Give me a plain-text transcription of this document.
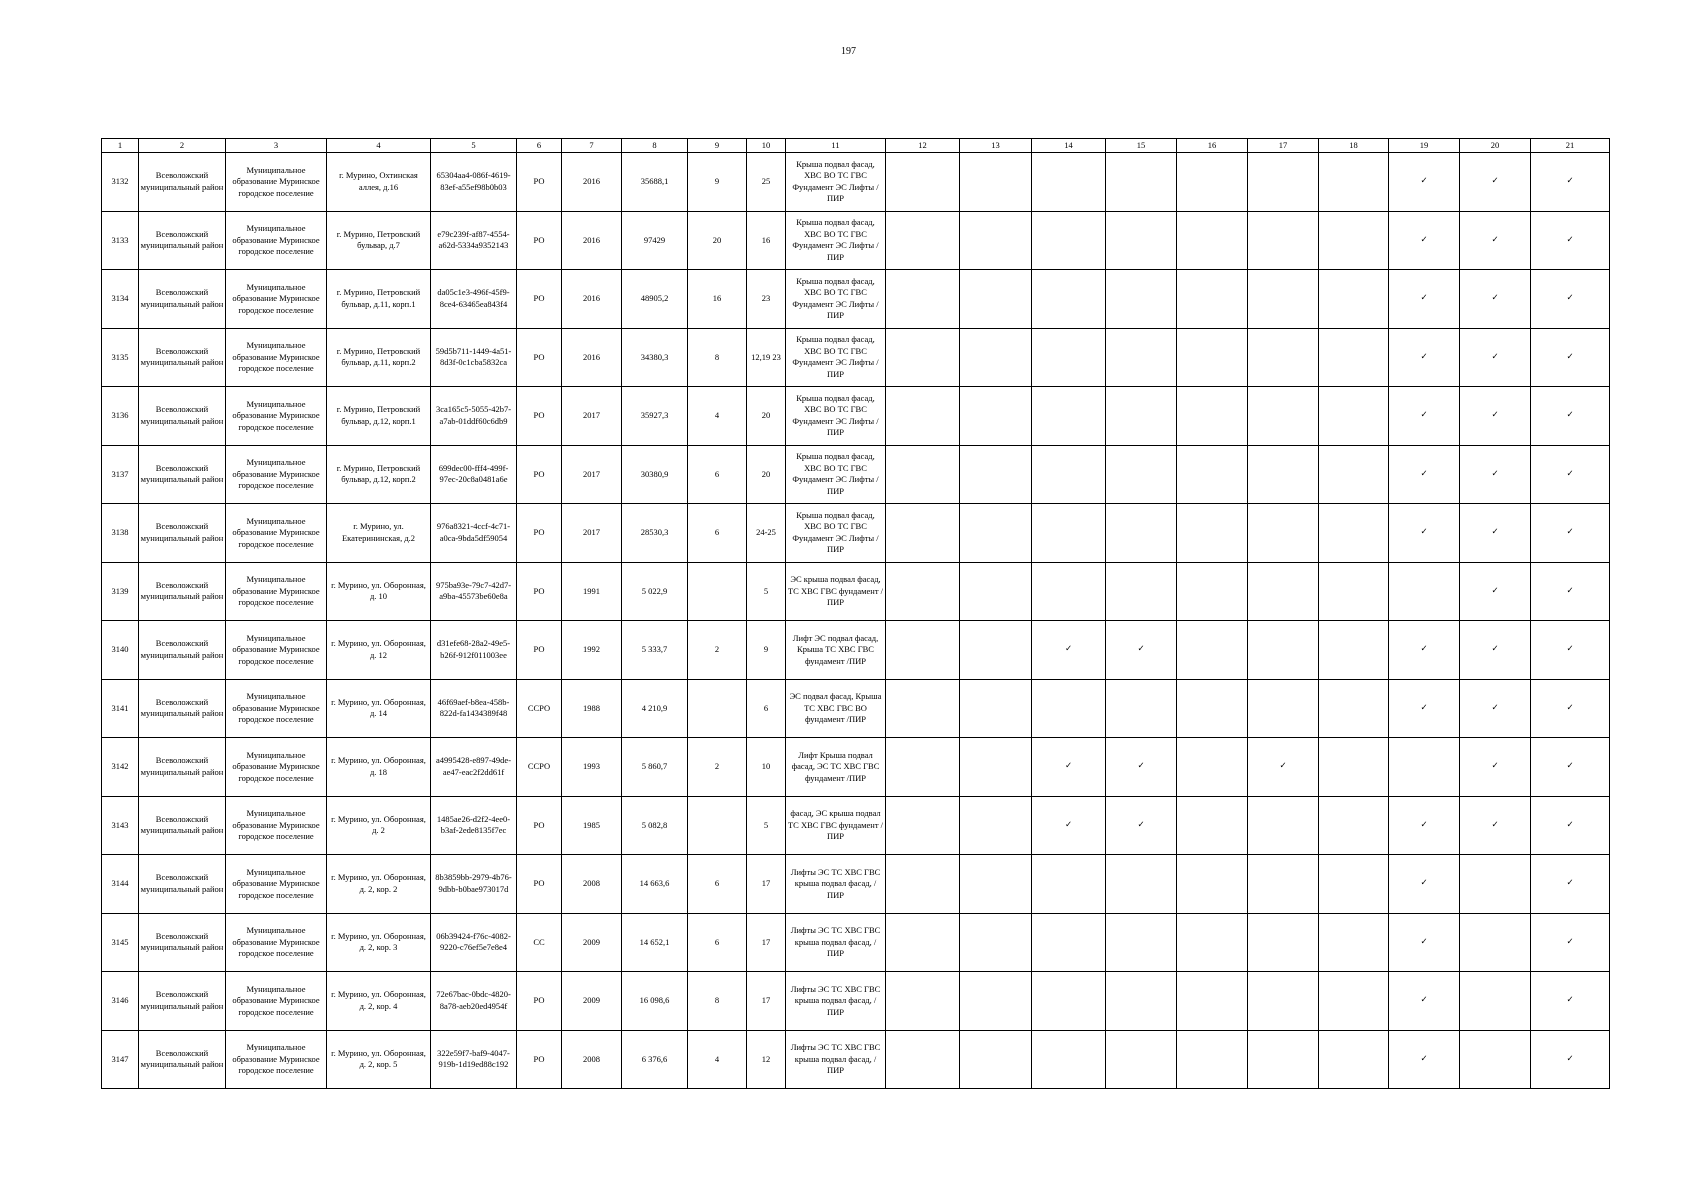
197
1	2	3	4	5	6	7	8	9	10	11	12	13	14	15	16	17	18	19	20	21
3132	Всеволожский муниципальный район	Муниципальное образование Муринское городское поселение	г. Мурино, Охтинская аллея, д.16	65304aa4-086f-4619-83ef-a55ef98b0b03	РО	2016	35688,1	9	25	Крыша подвал фасад, ХВС ВО ТС ГВС Фундамент ЭС Лифты /ПИР								✓	✓	✓
3133	Всеволожский муниципальный район	Муниципальное образование Муринское городское поселение	г. Мурино, Петровский бульвар, д.7	e79c239f-af87-4554-a62d-5334a9352143	РО	2016	97429	20	16	Крыша подвал фасад, ХВС ВО ТС ГВС Фундамент ЭС Лифты /ПИР								✓	✓	✓
3134	Всеволожский муниципальный район	Муниципальное образование Муринское городское поселение	г. Мурино, Петровский бульвар, д.11, корп.1	da05c1e3-496f-45f9-8ce4-63465ea843f4	РО	2016	48905,2	16	23	Крыша подвал фасад, ХВС ВО ТС ГВС Фундамент ЭС Лифты /ПИР								✓	✓	✓
3135	Всеволожский муниципальный район	Муниципальное образование Муринское городское поселение	г. Мурино, Петровский бульвар, д.11, корп.2	59d5b711-1449-4a51-8d3f-0c1cba5832ca	РО	2016	34380,3	8	12,19 23	Крыша подвал фасад, ХВС ВО ТС ГВС Фундамент ЭС Лифты /ПИР								✓	✓	✓
3136	Всеволожский муниципальный район	Муниципальное образование Муринское городское поселение	г. Мурино, Петровский бульвар, д.12, корп.1	3ca165c5-5055-42b7-a7ab-01ddf60c6db9	РО	2017	35927,3	4	20	Крыша подвал фасад, ХВС ВО ТС ГВС Фундамент ЭС Лифты /ПИР								✓	✓	✓
3137	Всеволожский муниципальный район	Муниципальное образование Муринское городское поселение	г. Мурино, Петровский бульвар, д.12, корп.2	699dec00-fff4-499f-97ec-20c8a0481a6e	РО	2017	30380,9	6	20	Крыша подвал фасад, ХВС ВО ТС ГВС Фундамент ЭС Лифты /ПИР								✓	✓	✓
3138	Всеволожский муниципальный район	Муниципальное образование Муринское городское поселение	г. Мурино, ул. Екатерининская, д.2	976a8321-4ccf-4c71-a0ca-9bda5df59054	РО	2017	28530,3	6	24-25	Крыша подвал фасад, ХВС ВО ТС ГВС Фундамент ЭС Лифты /ПИР								✓	✓	✓
3139	Всеволожский муниципальный район	Муниципальное образование Муринское городское поселение	г. Мурино, ул. Оборонная, д. 10	975ba93e-79c7-42d7-a9ba-45573be60e8a	РО	1991	5 022,9		5	ЭС крыша подвал фасад, ТС ХВС ГВС фундамент /ПИР									✓	✓
3140	Всеволожский муниципальный район	Муниципальное образование Муринское городское поселение	г. Мурино, ул. Оборонная, д. 12	d31efe68-28a2-49e5-b26f-912f011003ee	РО	1992	5 333,7	2	9	Лифт ЭС подвал фасад, Крыша ТС ХВС ГВС фундамент /ПИР			✓	✓				✓	✓	✓
3141	Всеволожский муниципальный район	Муниципальное образование Муринское городское поселение	г. Мурино, ул. Оборонная, д. 14	46f69aef-b8ea-458b-822d-fa1434389f48	ССРО	1988	4 210,9		6	ЭС подвал фасад, Крыша ТС ХВС ГВС ВО фундамент /ПИР								✓	✓	✓
3142	Всеволожский муниципальный район	Муниципальное образование Муринское городское поселение	г. Мурино, ул. Оборонная, д. 18	a4995428-e897-49de-ae47-eac2f2dd61f	ССРО	1993	5 860,7	2	10	Лифт Крыша подвал фасад, ЭС ТС ХВС ГВС фундамент /ПИР			✓	✓		✓			✓	✓
3143	Всеволожский муниципальный район	Муниципальное образование Муринское городское поселение	г. Мурино, ул. Оборонная, д. 2	1485ae26-d2f2-4ee0-b3af-2ede8135f7ec	РО	1985	5 082,8		5	фасад, ЭС крыша подвал ТС ХВС ГВС фундамент /ПИР			✓	✓				✓	✓	✓
3144	Всеволожский муниципальный район	Муниципальное образование Муринское городское поселение	г. Мурино, ул. Оборонная, д. 2, кор. 2	8b3859bb-2979-4b76-9dbb-b0bae973017d	РО	2008	14 663,6	6	17	Лифты ЭС ТС ХВС ГВС крыша подвал фасад, /ПИР								✓		✓
3145	Всеволожский муниципальный район	Муниципальное образование Муринское городское поселение	г. Мурино, ул. Оборонная, д. 2, кор. 3	06b39424-f76c-4082-9220-c76ef5e7e8e4	СС	2009	14 652,1	6	17	Лифты ЭС ТС ХВС ГВС крыша подвал фасад, /ПИР								✓		✓
3146	Всеволожский муниципальный район	Муниципальное образование Муринское городское поселение	г. Мурино, ул. Оборонная, д. 2, кор. 4	72e67bac-0bdc-4820-8a78-aeb20ed4954f	РО	2009	16 098,6	8	17	Лифты ЭС ТС ХВС ГВС крыша подвал фасад, /ПИР								✓		✓
3147	Всеволожский муниципальный район	Муниципальное образование Муринское городское поселение	г. Мурино, ул. Оборонная, д. 2, кор. 5	322e59f7-baf9-4047-919b-1d19ed88c192	РО	2008	6 376,6	4	12	Лифты ЭС ТС ХВС ГВС крыша подвал фасад, /ПИР								✓		✓
